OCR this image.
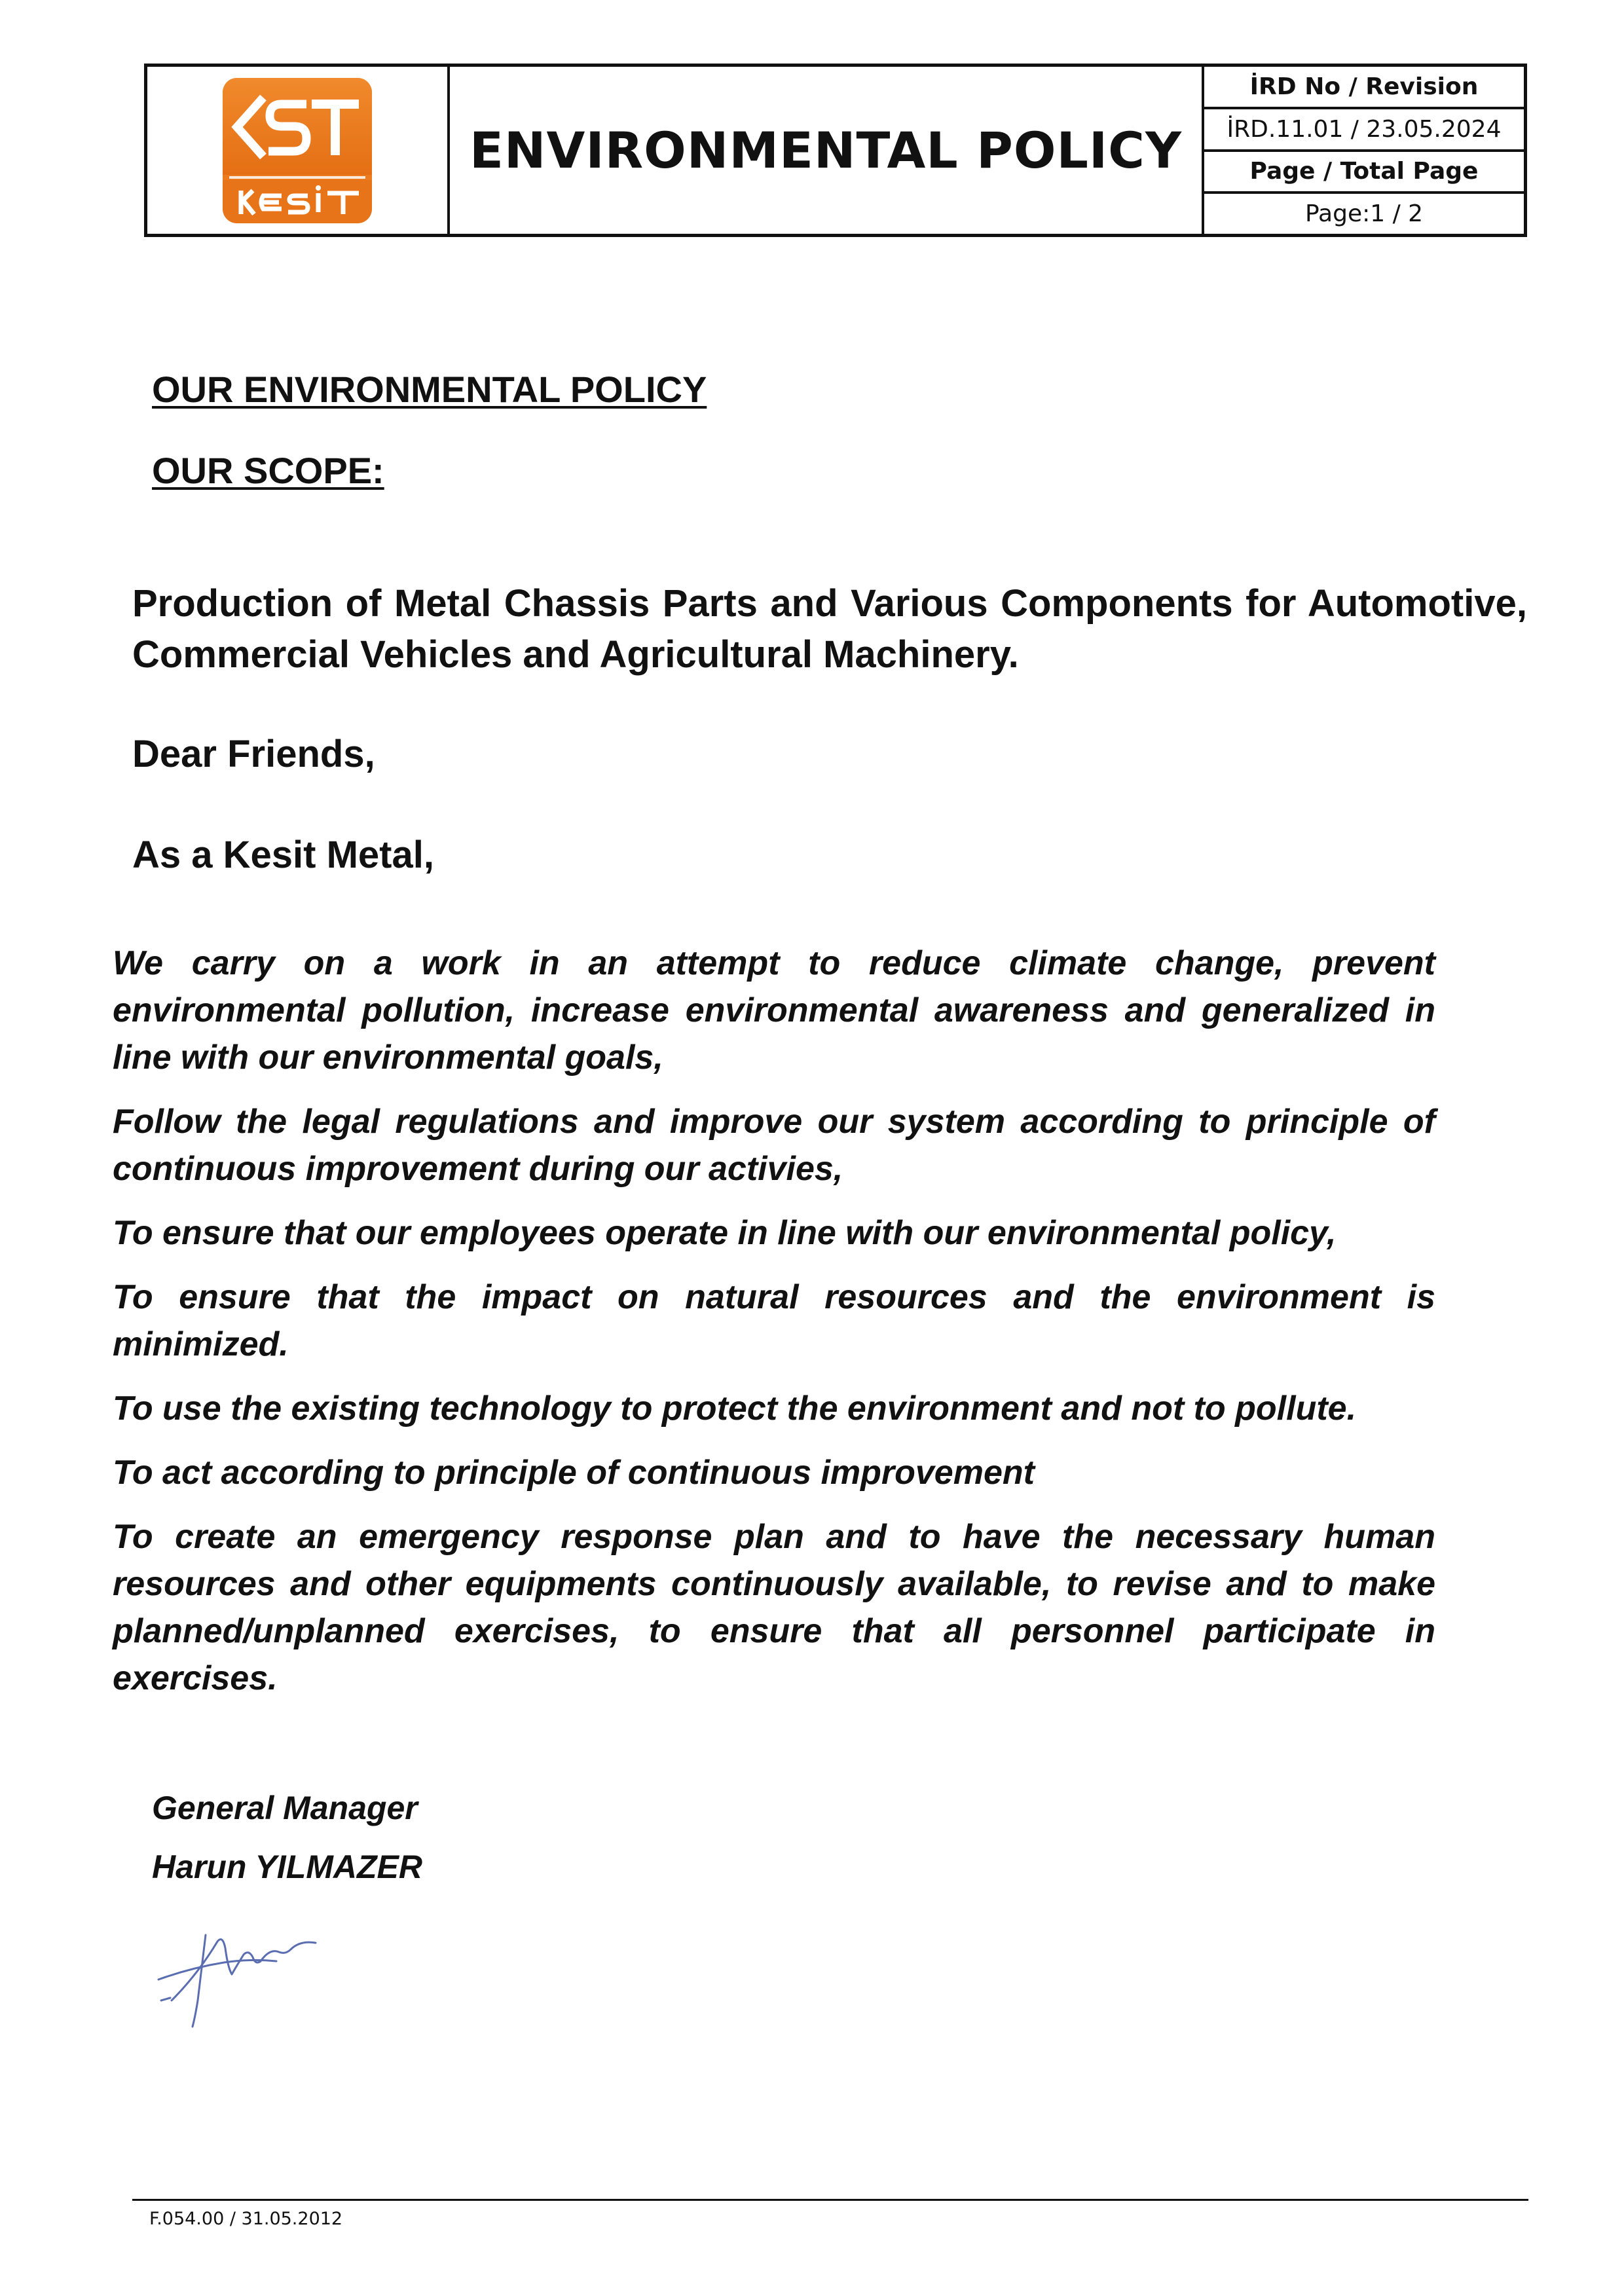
ENVIRONMENTAL POLICY
İRD No / Revision
İRD.11.01 / 23.05.2024
Page / Total Page
Page:1 / 2
OUR ENVIRONMENTAL POLICY
OUR SCOPE:
Production of Metal Chassis Parts and Various Components for Automotive, Commercial Vehicles and Agricultural Machinery.
Dear Friends,
As a Kesit Metal,

We carry on a work in an attempt to reduce climate change, prevent environmental pollution, increase environmental awareness and generalized in line with our environmental goals,

Follow the legal regulations and improve our system according to principle of continuous improvement during our activies,

To ensure that our employees operate in line with our environmental policy,

To ensure that the impact on natural resources and the environment is minimized.

To use the existing technology to protect the environment and not to pollute.

To act according to principle of continuous improvement

To create an emergency response plan and to have the necessary human resources and other equipments continuously available, to revise and to make planned/unplanned exercises, to ensure that all personnel participate in exercises.

General Manager
Harun YILMAZER
F.054.00 / 31.05.2012
